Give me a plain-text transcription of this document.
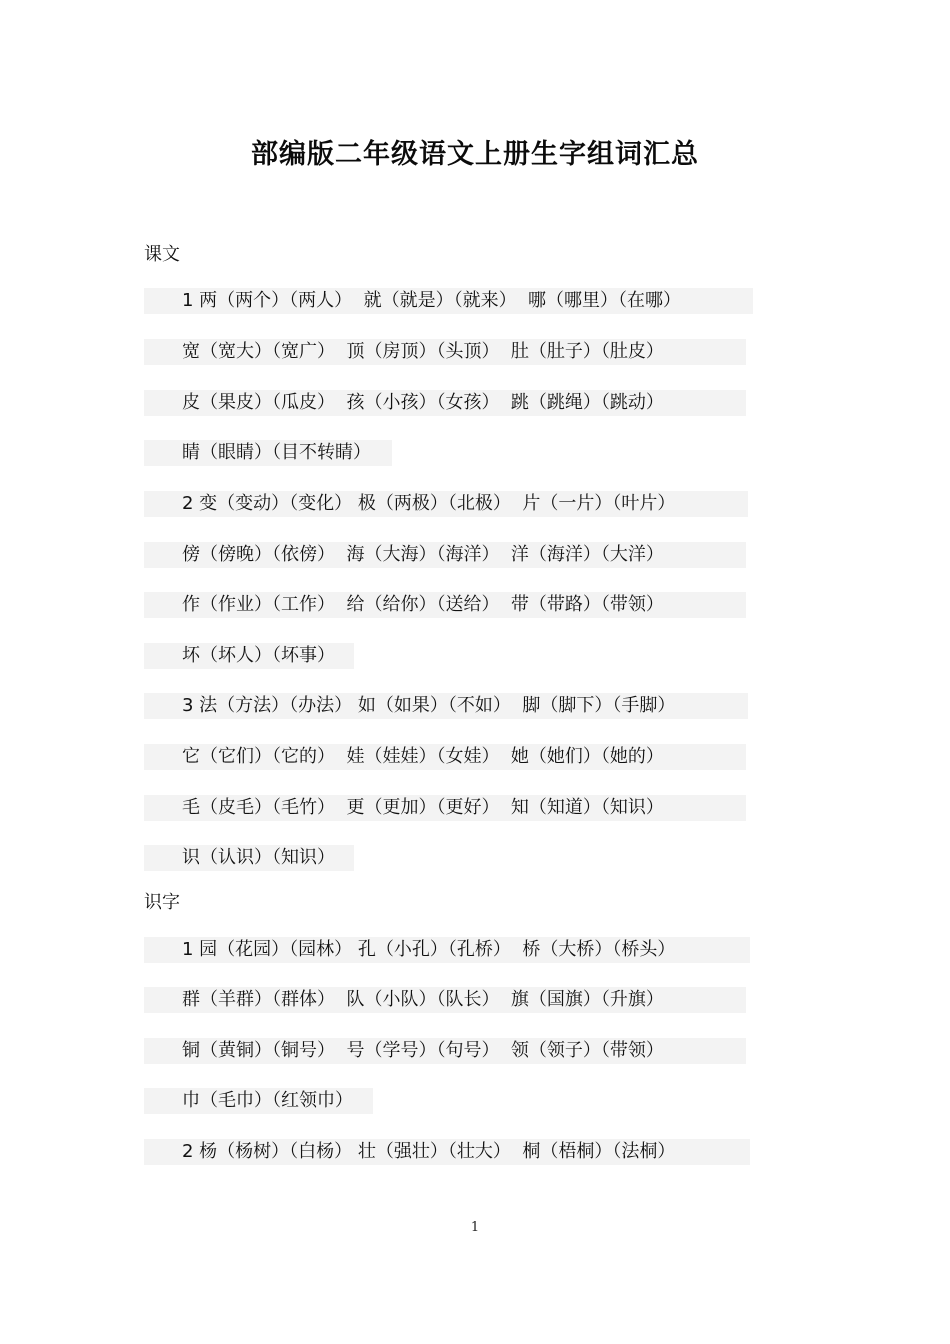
部编版二年级语文上册生字组词汇总
课文
1 两（两个）（两人）  就（就是）（就来）  哪（哪里）（在哪）
宽（宽大）（宽广）  顶（房顶）（头顶）  肚（肚子）（肚皮）
皮（果皮）（瓜皮）  孩（小孩）（女孩）  跳（跳绳）（跳动）
睛（眼睛）（目不转睛）
2 变（变动）（变化） 极（两极）（北极）  片（一片）（叶片）
傍（傍晚）（依傍）  海（大海）（海洋）  洋（海洋）（大洋）
作（作业）（工作）  给（给你）（送给）  带（带路）（带领）
坏（坏人）（坏事）
3 法（方法）（办法） 如（如果）（不如）  脚（脚下）（手脚）
它（它们）（它的）  娃（娃娃）（女娃）  她（她们）（她的）
毛（皮毛）（毛竹）  更（更加）（更好）  知（知道）（知识）
识（认识）（知识）
识字
1 园（花园）（园林） 孔（小孔）（孔桥）  桥（大桥）（桥头）
群（羊群）（群体）  队（小队）（队长）  旗（国旗）（升旗）
铜（黄铜）（铜号）  号（学号）（句号）  领（领子）（带领）
巾（毛巾）（红领巾）
2 杨（杨树）（白杨） 壮（强壮）（壮大）  桐（梧桐）（法桐）
1
